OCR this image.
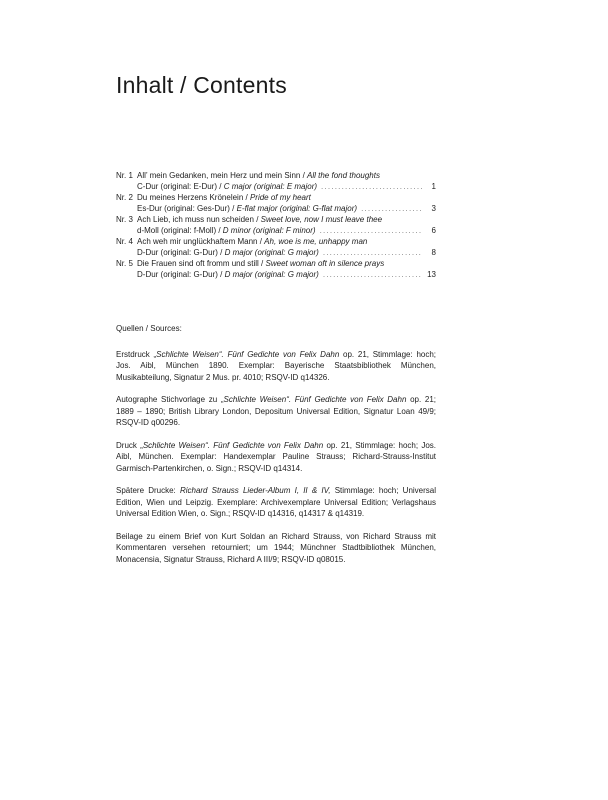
Inhalt / Contents
Nr. 1 All’ mein Gedanken, mein Herz und mein Sinn / All the fond thoughts
C-Dur (original: E-Dur) / C major (original: E major) .....	1
Nr. 2 Du meines Herzens Krönelein / Pride of my heart
Es-Dur (original: Ges-Dur) / E-flat major (original: G-flat major) .....	3
Nr. 3 Ach Lieb, ich muss nun scheiden / Sweet love, now I must leave thee
d-Moll (original: f-Moll) / D minor (original: F minor) .....	6
Nr. 4 Ach weh mir unglückhaftem Mann / Ah, woe is me, unhappy man
D-Dur (original: G-Dur) / D major (original: G major) .....	8
Nr. 5 Die Frauen sind oft fromm und still / Sweet woman oft in silence prays
D-Dur (original: G-Dur) / D major (original: G major) .....	13

Quellen / Sources:

Erstdruck „Schlichte Weisen“. Fünf Gedichte von Felix Dahn op. 21, Stimmlage: hoch; Jos. Aibl, München 1890. Exemplar: Bayerische Staatsbibliothek München, Musikabteilung, Signatur 2 Mus. pr. 4010; RSQV-ID q14326.

Autographe Stichvorlage zu „Schlichte Weisen“. Fünf Gedichte von Felix Dahn op. 21; 1889 – 1890; British Library London, Depositum Universal Edition, Signatur Loan 49/9; RSQV-ID q00296.

Druck „Schlichte Weisen“. Fünf Gedichte von Felix Dahn op. 21, Stimmlage: hoch; Jos. Aibl, München. Exemplar: Handexemplar Pauline Strauss; Richard-Strauss-Institut Garmisch-Partenkirchen, o. Sign.; RSQV-ID q14314.

Spätere Drucke: Richard Strauss Lieder-Album I, II & IV, Stimmlage: hoch; Universal Edition, Wien und Leipzig. Exemplare: Archivexemplare Universal Edition; Verlagshaus Universal Edition Wien, o. Sign.; RSQV-ID q14316, q14317 & q14319.

Beilage zu einem Brief von Kurt Soldan an Richard Strauss, von Richard Strauss mit Kommentaren versehen retourniert; um 1944; Münchner Stadtbibliothek München, Monacensia, Signatur Strauss, Richard A III/9; RSQV-ID q08015.
